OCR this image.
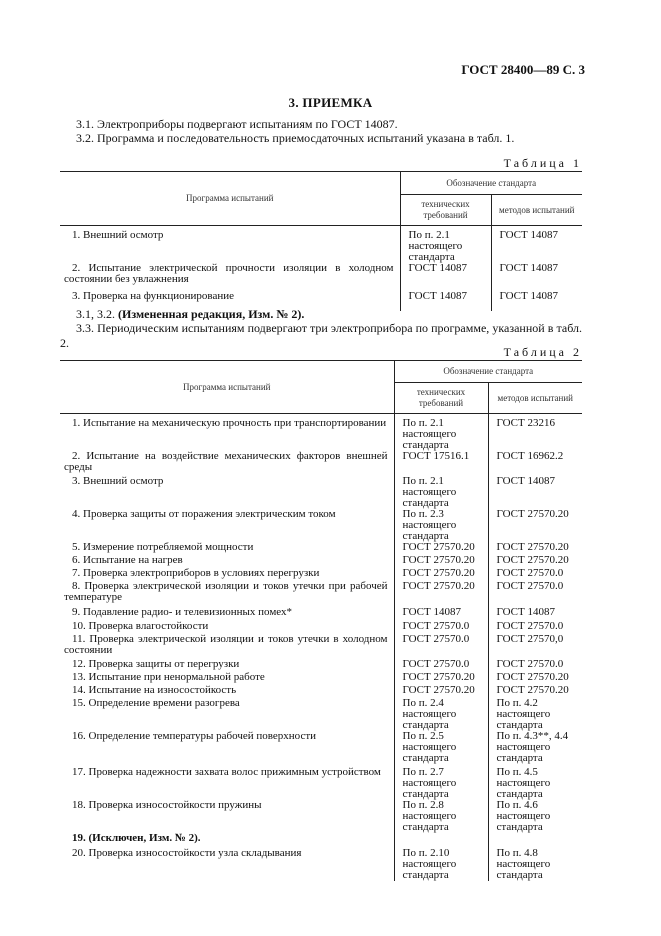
ГОСТ 28400—89 С. 3
3. ПРИЕМКА
3.1. Электроприборы подвергают испытаниям по ГОСТ 14087.
3.2. Программа и последовательность приемосдаточных испытаний указана в табл. 1.
Таблица 1
Программа испытаний	Обозначение стандарта	
	технических требований	методов испытаний
1. Внешний осмотр	По п. 2.1 настоящего стандарта	ГОСТ 14087
2. Испытание электрической прочности изоляции в холодном состоянии без увлажнения	ГОСТ 14087	ГОСТ 14087
3. Проверка на функционирование	ГОСТ 14087	ГОСТ 14087
3.1, 3.2. (Измененная редакция, Изм. № 2).
3.3. Периодическим испытаниям подвергают три электроприбора по программе, указанной в табл. 2.
Таблица 2
Программа испытаний	Обозначение стандарта	
	технических требований	методов испытаний
1. Испытание на механическую прочность при транспортировании	По п. 2.1 настоящего стандарта	ГОСТ 23216
2. Испытание на воздействие механических факторов внешней среды	ГОСТ 17516.1	ГОСТ 16962.2
3. Внешний осмотр	По п. 2.1 настоящего стандарта	ГОСТ 14087
4. Проверка защиты от поражения электрическим током	По п. 2.3 настоящего стандарта	ГОСТ 27570.20
5. Измерение потребляемой мощности	ГОСТ 27570.20	ГОСТ 27570.20
6. Испытание на нагрев	ГОСТ 27570.20	ГОСТ 27570.20
7. Проверка электроприборов в условиях перегрузки	ГОСТ 27570.20	ГОСТ 27570.0
8. Проверка электрической изоляции и токов утечки при рабочей температуре	ГОСТ 27570.20	ГОСТ 27570.0
9. Подавление радио- и телевизионных помех*	ГОСТ 14087	ГОСТ 14087
10. Проверка влагостойкости	ГОСТ 27570.0	ГОСТ 27570.0
11. Проверка электрической изоляции и токов утечки в холодном состоянии	ГОСТ 27570.0	ГОСТ 27570,0
12. Проверка защиты от перегрузки	ГОСТ 27570.0	ГОСТ 27570.0
13. Испытание при ненормальной работе	ГОСТ 27570.20	ГОСТ 27570.20
14. Испытание на износостойкость	ГОСТ 27570.20	ГОСТ 27570.20
15. Определение времени разогрева	По п. 2.4 настоящего стандарта	По п. 4.2 настоящего стандарта
16. Определение температуры рабочей поверхности	По п. 2.5 настоящего стандарта	По п. 4.3**, 4.4 настоящего стандарта
17. Проверка надежности захвата волос прижимным устройством	По п. 2.7 настоящего стандарта	По п. 4.5 настоящего стандарта
18. Проверка износостойкости пружины	По п. 2.8 настоящего стандарта	По п. 4.6 настоящего стандарта
19. (Исключен, Изм. № 2).		
20. Проверка износостойкости узла складывания	По п. 2.10 настоящего стандарта	По п. 4.8 настоящего стандарта
